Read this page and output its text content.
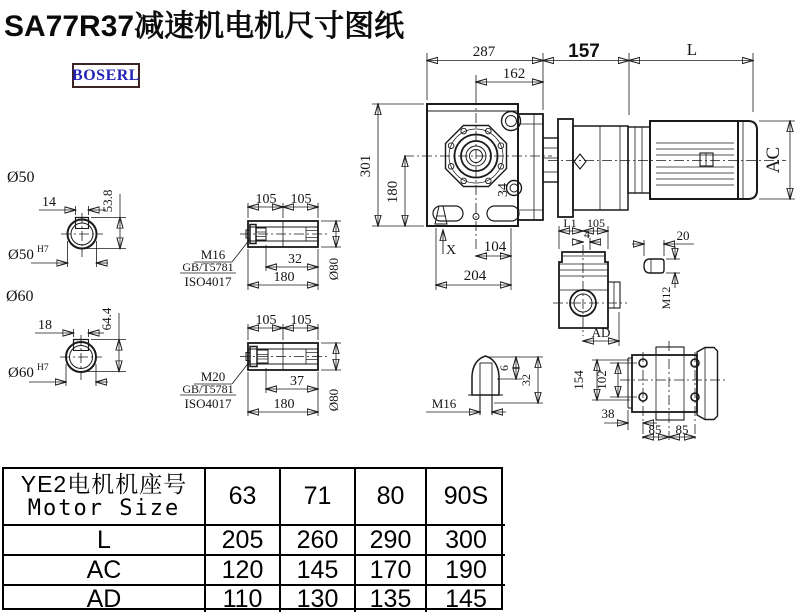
SA77R37减速机电机尺寸图纸
BOSERL
Ø50
14	53.8
Ø50 H7
Ø60
18	64.4
Ø60 H7
105 105
32
180 Ø80
M16
GB/T5781
ISO4017
105 105
37
180 Ø80
M20
GB/T5781
ISO4017
287
162
157	L
301
180	34
X 104
204
AC
L1 105
4
AD
20
M12
6
32
M16
154 102
38
85 85
YE2电机机座号
Motor Size	63	71	80	90S
L	205	260	290	300
AC	120	145	170	190
AD	110	130	135	145
